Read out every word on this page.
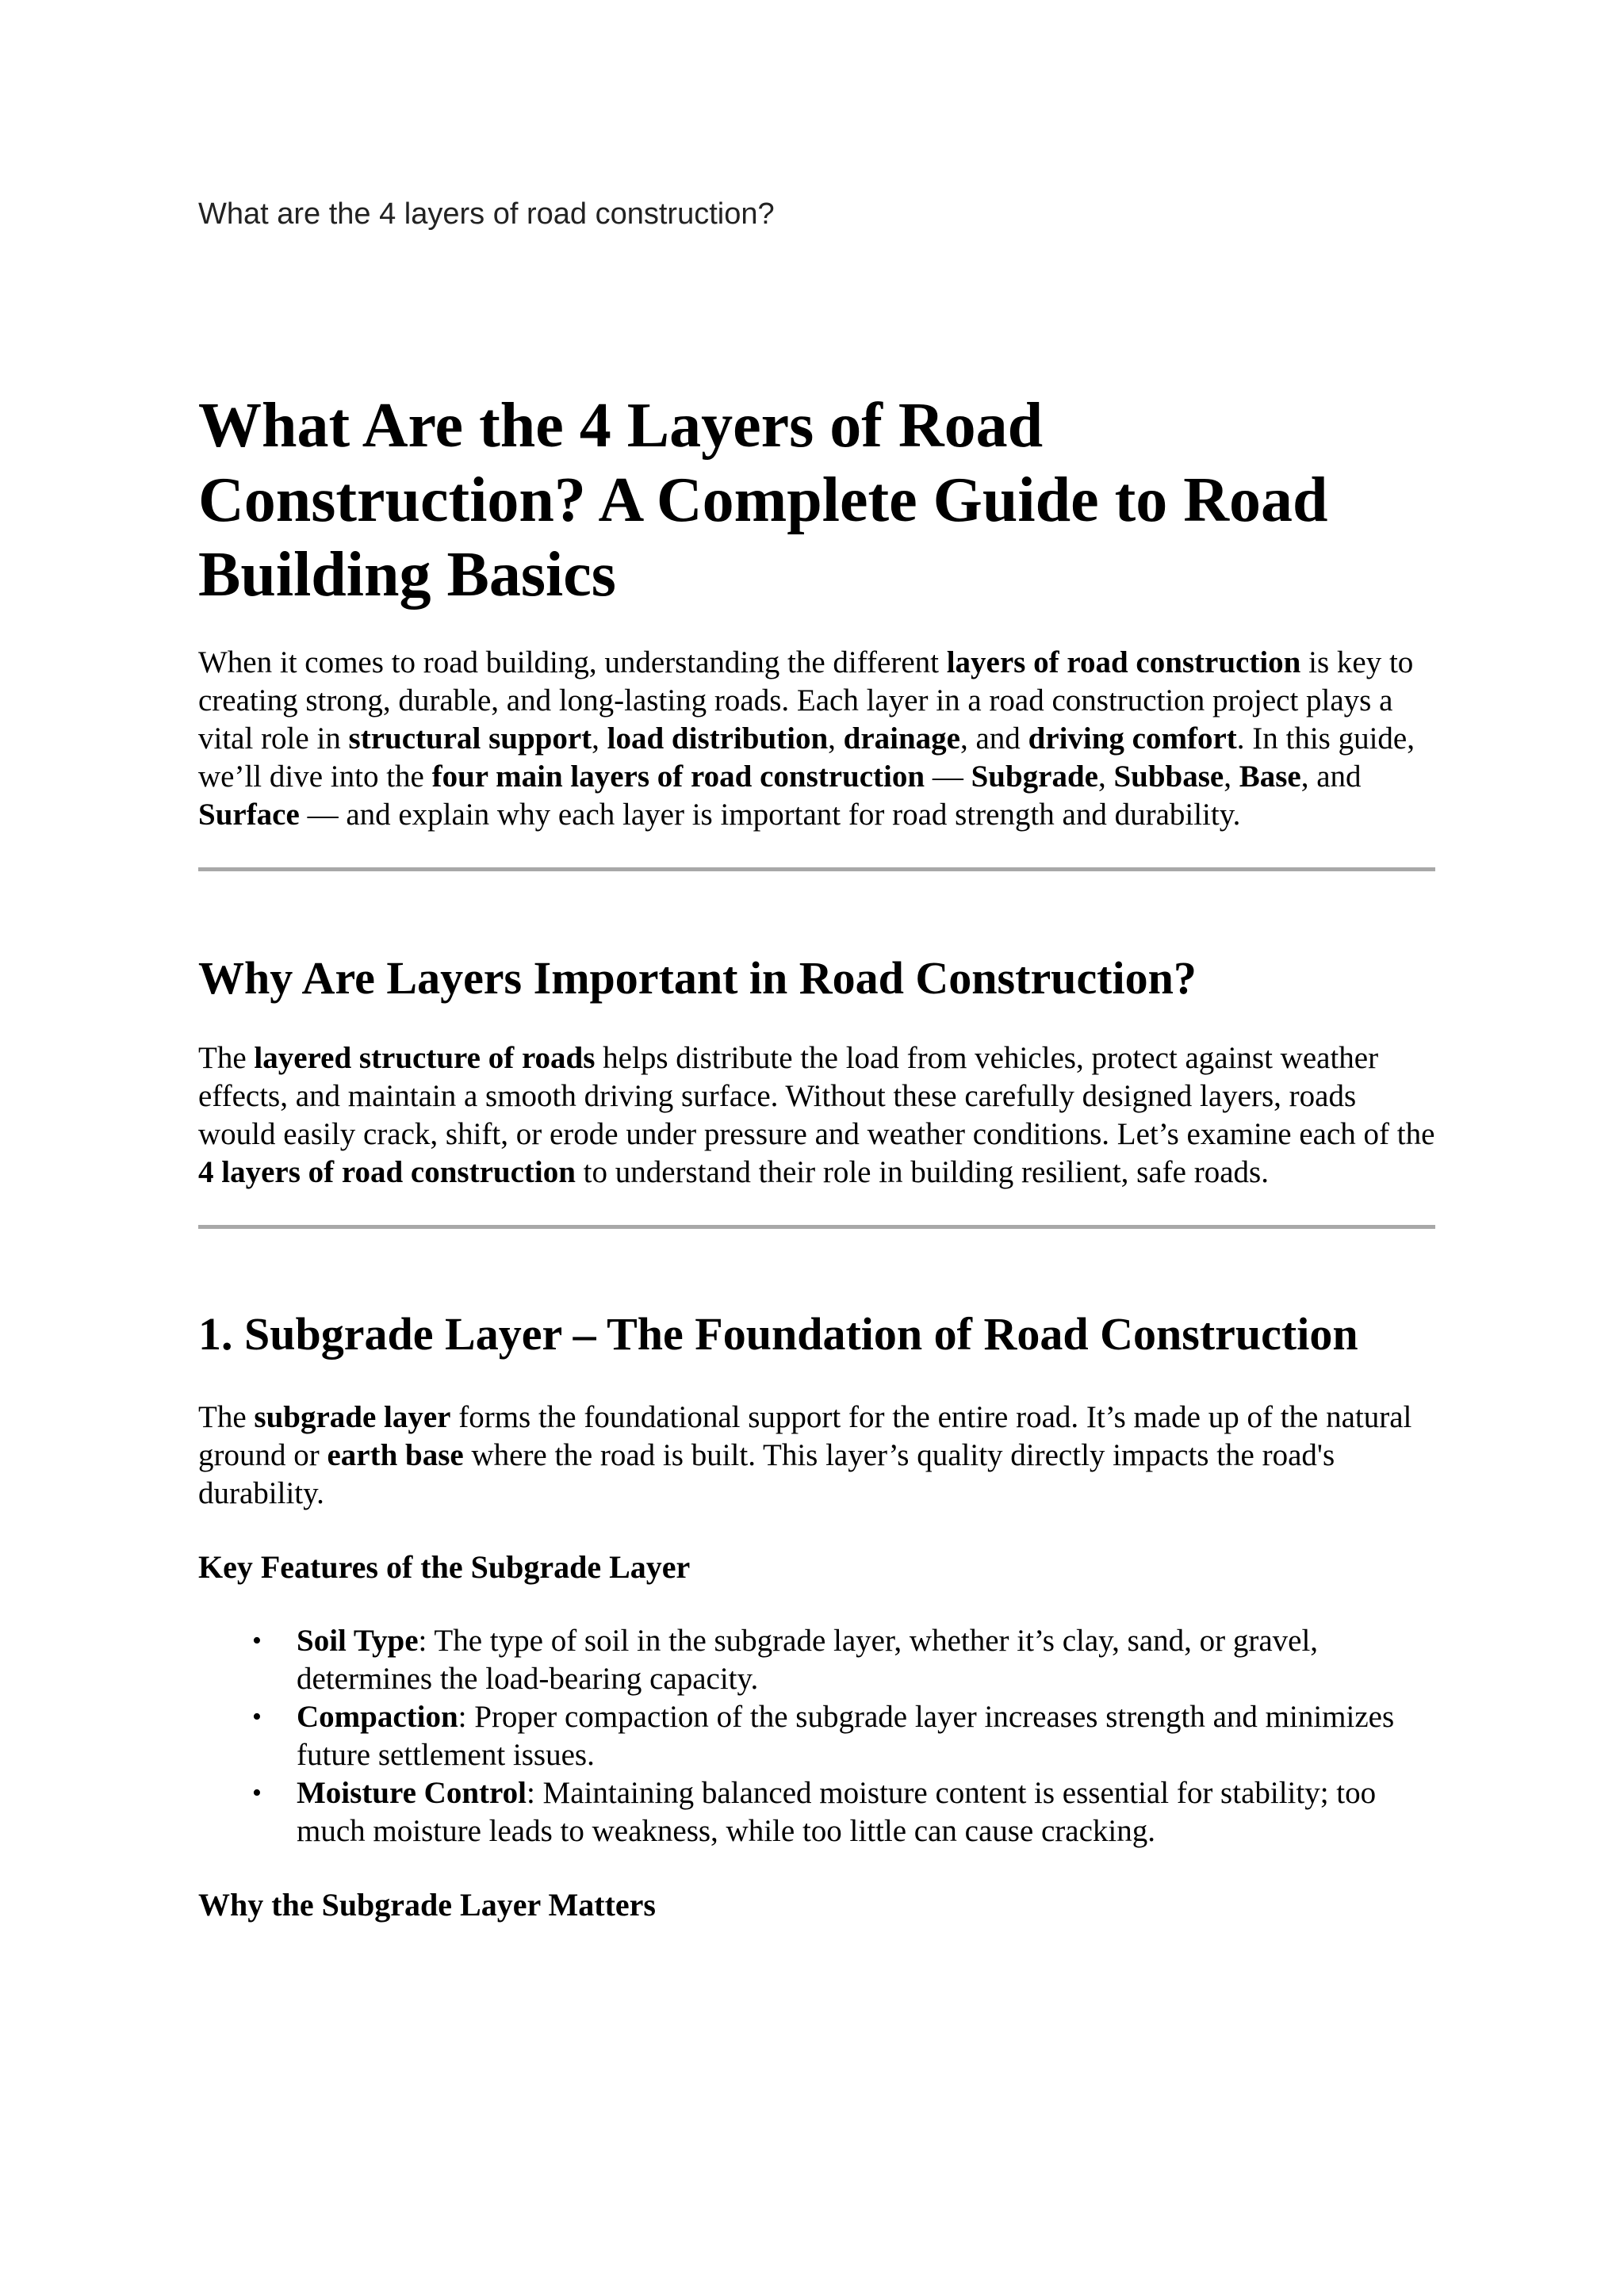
What are the 4 layers of road construction?
What Are the 4 Layers of Road Construction? A Complete Guide to Road Building Basics

When it comes to road building, understanding the different layers of road construction is key to creating strong, durable, and long-lasting roads. Each layer in a road construction project plays a vital role in structural support, load distribution, drainage, and driving comfort. In this guide, we’ll dive into the four main layers of road construction — Subgrade, Subbase, Base, and Surface — and explain why each layer is important for road strength and durability.

Why Are Layers Important in Road Construction?

The layered structure of roads helps distribute the load from vehicles, protect against weather effects, and maintain a smooth driving surface. Without these carefully designed layers, roads would easily crack, shift, or erode under pressure and weather conditions. Let’s examine each of the 4 layers of road construction to understand their role in building resilient, safe roads.

1. Subgrade Layer – The Foundation of Road Construction

The subgrade layer forms the foundational support for the entire road. It’s made up of the natural ground or earth base where the road is built. This layer’s quality directly impacts the road's durability.

Key Features of the Subgrade Layer
• Soil Type: The type of soil in the subgrade layer, whether it’s clay, sand, or gravel, determines the load-bearing capacity.
• Compaction: Proper compaction of the subgrade layer increases strength and minimizes future settlement issues.
• Moisture Control: Maintaining balanced moisture content is essential for stability; too much moisture leads to weakness, while too little can cause cracking.
Why the Subgrade Layer Matters
